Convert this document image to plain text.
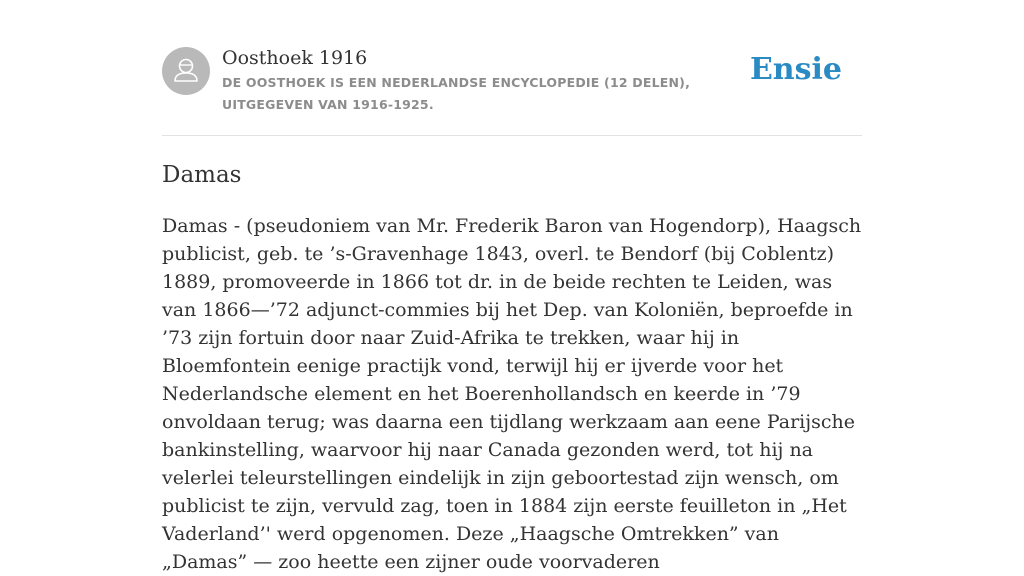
Oosthoek 1916
DE OOSTHOEK IS EEN NEDERLANDSE ENCYCLOPEDIE (12 DELEN), UITGEGEVEN VAN 1916-1925.
Ensie
Damas

Damas - (pseudoniem van Mr. Frederik Baron van Hogendorp), Haagsch publicist, geb. te ’s-Gravenhage 1843, overl. te Bendorf (bij Coblentz) 1889, promoveerde in 1866 tot dr. in de beide rechten te Leiden, was van 1866—’72 adjunct-commies bij het Dep. van Koloniën, beproefde in ’73 zijn fortuin door naar Zuid-Afrika te trekken, waar hij in Bloemfontein eenige practijk vond, terwijl hij er ijverde voor het Nederlandsche element en het Boerenhollandsch en keerde in ’79 onvoldaan terug; was daarna een tijdlang werkzaam aan eene Parijsche bankinstelling, waarvoor hij naar Canada gezonden werd, tot hij na velerlei teleurstellingen eindelijk in zijn geboortestad zijn wensch, om publicist te zijn, vervuld zag, toen in 1884 zijn eerste feuilleton in „Het Vaderland’' werd opgenomen. Deze „Haagsche Omtrekken” van „Damas” — zoo heette een zijner oude voorvaderen
